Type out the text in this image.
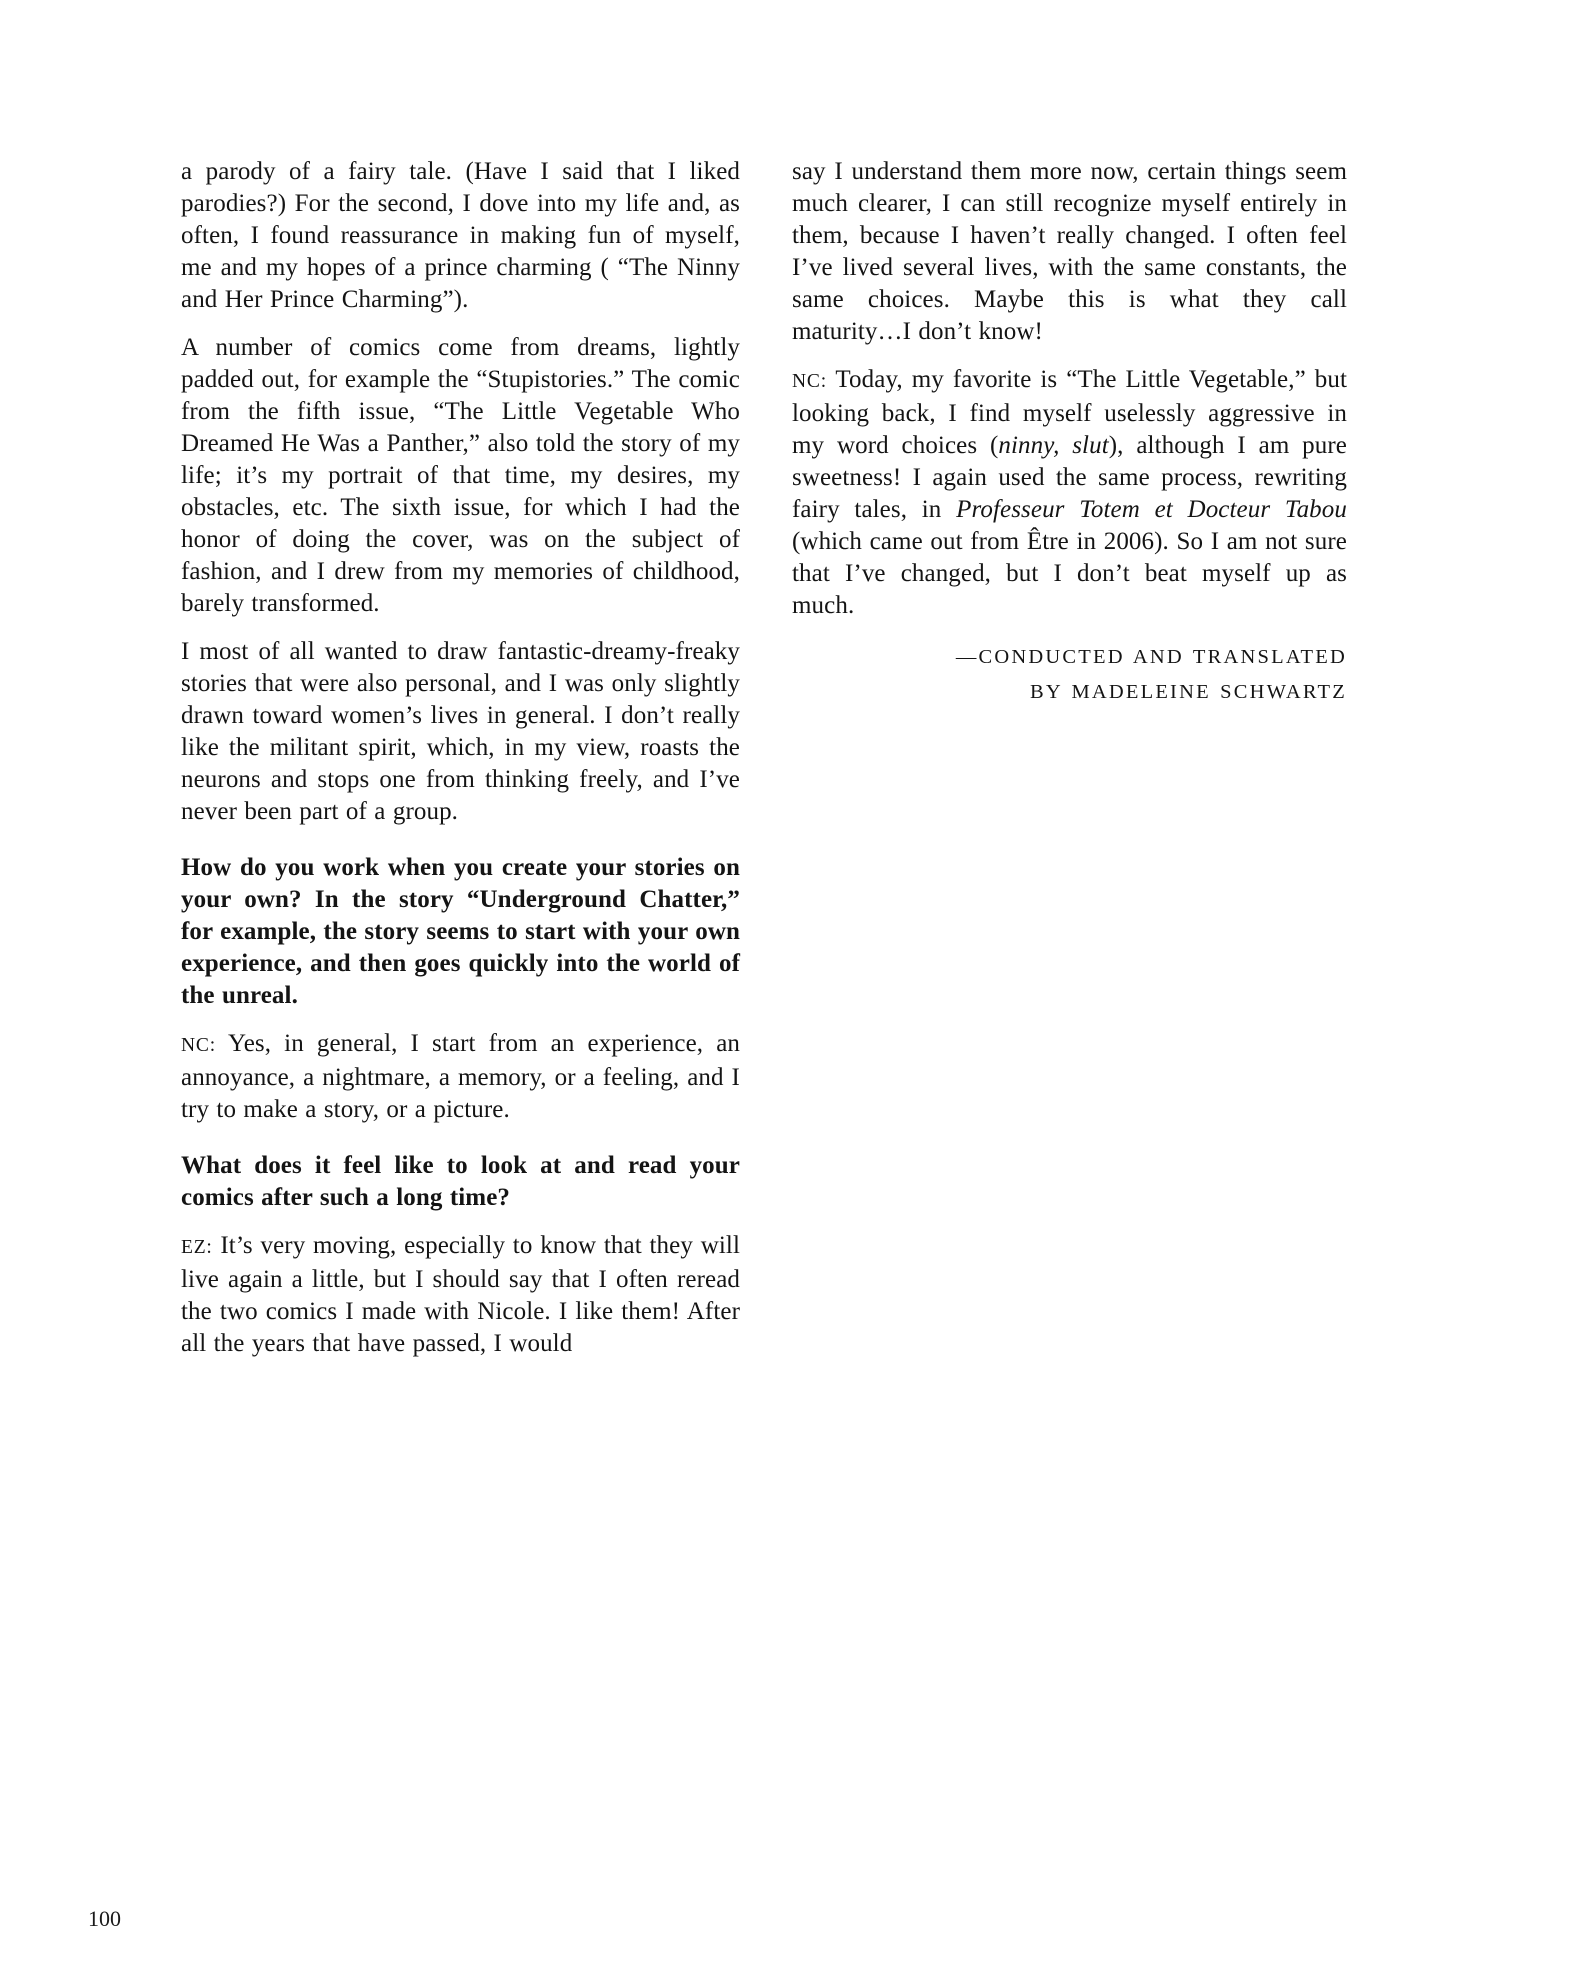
a parody of a fairy tale. (Have I said that I liked parodies?) For the second, I dove into my life and, as often, I found reassurance in making fun of myself, me and my hopes of a prince charming ( “The Ninny and Her Prince Charming”).

A number of comics come from dreams, lightly padded out, for example the “Stupistories.” The comic from the fifth issue, “The Little Vegetable Who Dreamed He Was a Panther,” also told the story of my life; it’s my portrait of that time, my desires, my obstacles, etc. The sixth issue, for which I had the honor of doing the cover, was on the subject of fashion, and I drew from my memories of childhood, barely transformed.

I most of all wanted to draw fantastic-dreamy-freaky stories that were also personal, and I was only slightly drawn toward women’s lives in general. I don’t really like the militant spirit, which, in my view, roasts the neurons and stops one from thinking freely, and I’ve never been part of a group.

How do you work when you create your stories on your own? In the story “Underground Chatter,” for example, the story seems to start with your own experience, and then goes quickly into the world of the unreal.

NC: Yes, in general, I start from an experience, an annoyance, a nightmare, a memory, or a feeling, and I try to make a story, or a picture.

What does it feel like to look at and read your comics after such a long time?

EZ: It’s very moving, especially to know that they will live again a little, but I should say that I often reread the two comics I made with Nicole. I like them! After all the years that have passed, I would

say I understand them more now, certain things seem much clearer, I can still recognize myself entirely in them, because I haven’t really changed. I often feel I’ve lived several lives, with the same constants, the same choices. Maybe this is what they call maturity…I don’t know!

NC: Today, my favorite is “The Little Vegetable,” but looking back, I find myself uselessly aggressive in my word choices (ninny, slut), although I am pure sweetness! I again used the same process, rewriting fairy tales, in Professeur Totem et Docteur Tabou (which came out from Être in 2006). So I am not sure that I’ve changed, but I don’t beat myself up as much.

—CONDUCTED AND TRANSLATED
BY MADELEINE SCHWARTZ
100
